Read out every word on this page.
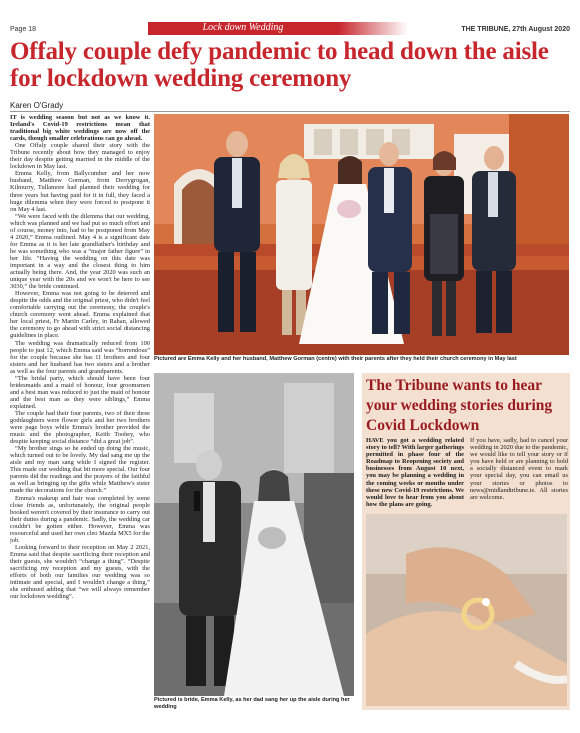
Page 18	Lock down Wedding	THE TRIBUNE, 27th August 2020
Offaly couple defy pandemic to head down the aisle for lockdown wedding ceremony
Karen O'Grady

IT is wedding season but not as we know it. Ireland's Covid-19 restrictions mean that traditional big white weddings are now off the cards, though smaller celebrations can go ahead.

One Offaly couple shared their story with the Tribune recently about how they managed to enjoy their day despite getting married in the middle of the lockdown in May last.

Emma Kelly, from Ballycumber and her now husband, Matthew Gorman, from Derrygrogan, Kilmurry, Tullamore had planned their wedding for three years but having paid for it in full, they faced a huge dilemma when they were forced to postpone it on May 4 last.

“We were faced with the dilemma that our wedding, which was planned and we had put so much effort and of course, money into, had to be postponed from May 4 2020,” Emma outlined. May 4 is a significant date for Emma as it is her late grandfather's birthday and he was something who was a “major father figure” in her life. “Having the wedding on this date was important in a way and the closest thing to him actually being there. And, the year 2020 was such an unique year with the 20s and we won't be here to see 3030,” the bride continued.

However, Emma was not going to be deterred and despite the odds and the original priest, who didn't feel comfortable carrying out the ceremony, the couple's church ceremony went ahead. Emma explained that her local priest, Fr Martin Carley, in Rahan, allowed the ceremony to go ahead with strict social distancing guidelines in place.

The wedding was dramatically reduced from 100 people to just 12, which Emma said was “horrendous” for the couple because she has 11 brothers and four sisters and her husband has two sisters and a brother as well as the four parents and grandparents.

“The bridal party, which should have been four bridesmaids and a maid of honour, four groomsmen and a best man was reduced to just the maid of honour and the best man as they were siblings,” Emma explained.

The couple had their four parents, two of their three goddaughters were flower girls and her two brothers were page boys while Emma's brother provided the music and the photographer, Keith Toohey, who despite keeping social distance “did a great job”.

“My brother sings so he ended up doing the music, which turned out to be lovely. My dad sang me up the aisle and my man sang while I signed the register. This made our wedding that bit more special. Our four parents did the readings and the prayers of the faithful as well as bringing up the gifts while Matthew's sister made the decorations for the church.”

Emma's makeup and hair was completed by some close friends as, unfortunately, the original people booked weren't covered by their insurance to carry out their duties during a pandemic. Sadly, the wedding car couldn't be gotten either. However, Emma was resourceful and used her own cleo Mazda MX5 for the job.

Looking forward to their reception on May 2 2021, Emma said that despite sacrificing their reception and their guests, she wouldn't “change a thing”. “Despite sacrificing my reception and my guests, with the efforts of both our families our wedding was so intimate and special, and I wouldn't change a thing,” she enthused adding that “we will always remember our lockdown wedding”.

Pictured are Emma Kelly and her husband, Matthew Gorman (centre) with their parents after they held their church ceremony in May last
Pictured is bride, Emma Kelly, as her dad sang her up the aisle during her wedding
The Tribune wants to hear your wedding stories during Covid Lockdown

HAVE you got a wedding related story to tell? With larger gatherings permitted in phase four of the Roadmap to Reopening society and businesses from August 10 next, you may be planning a wedding in the coming weeks or months under these new Covid-19 restrictions. We would love to hear from you about how the plans are going.

If you have, sadly, had to cancel your wedding in 2020 due to the pandemic, we would like to tell your story or if you have held or are planning to hold a socially distanced event to mark your special day, you can email us your stories or photos to news@midlandtribune.ie. All stories are welcome.
